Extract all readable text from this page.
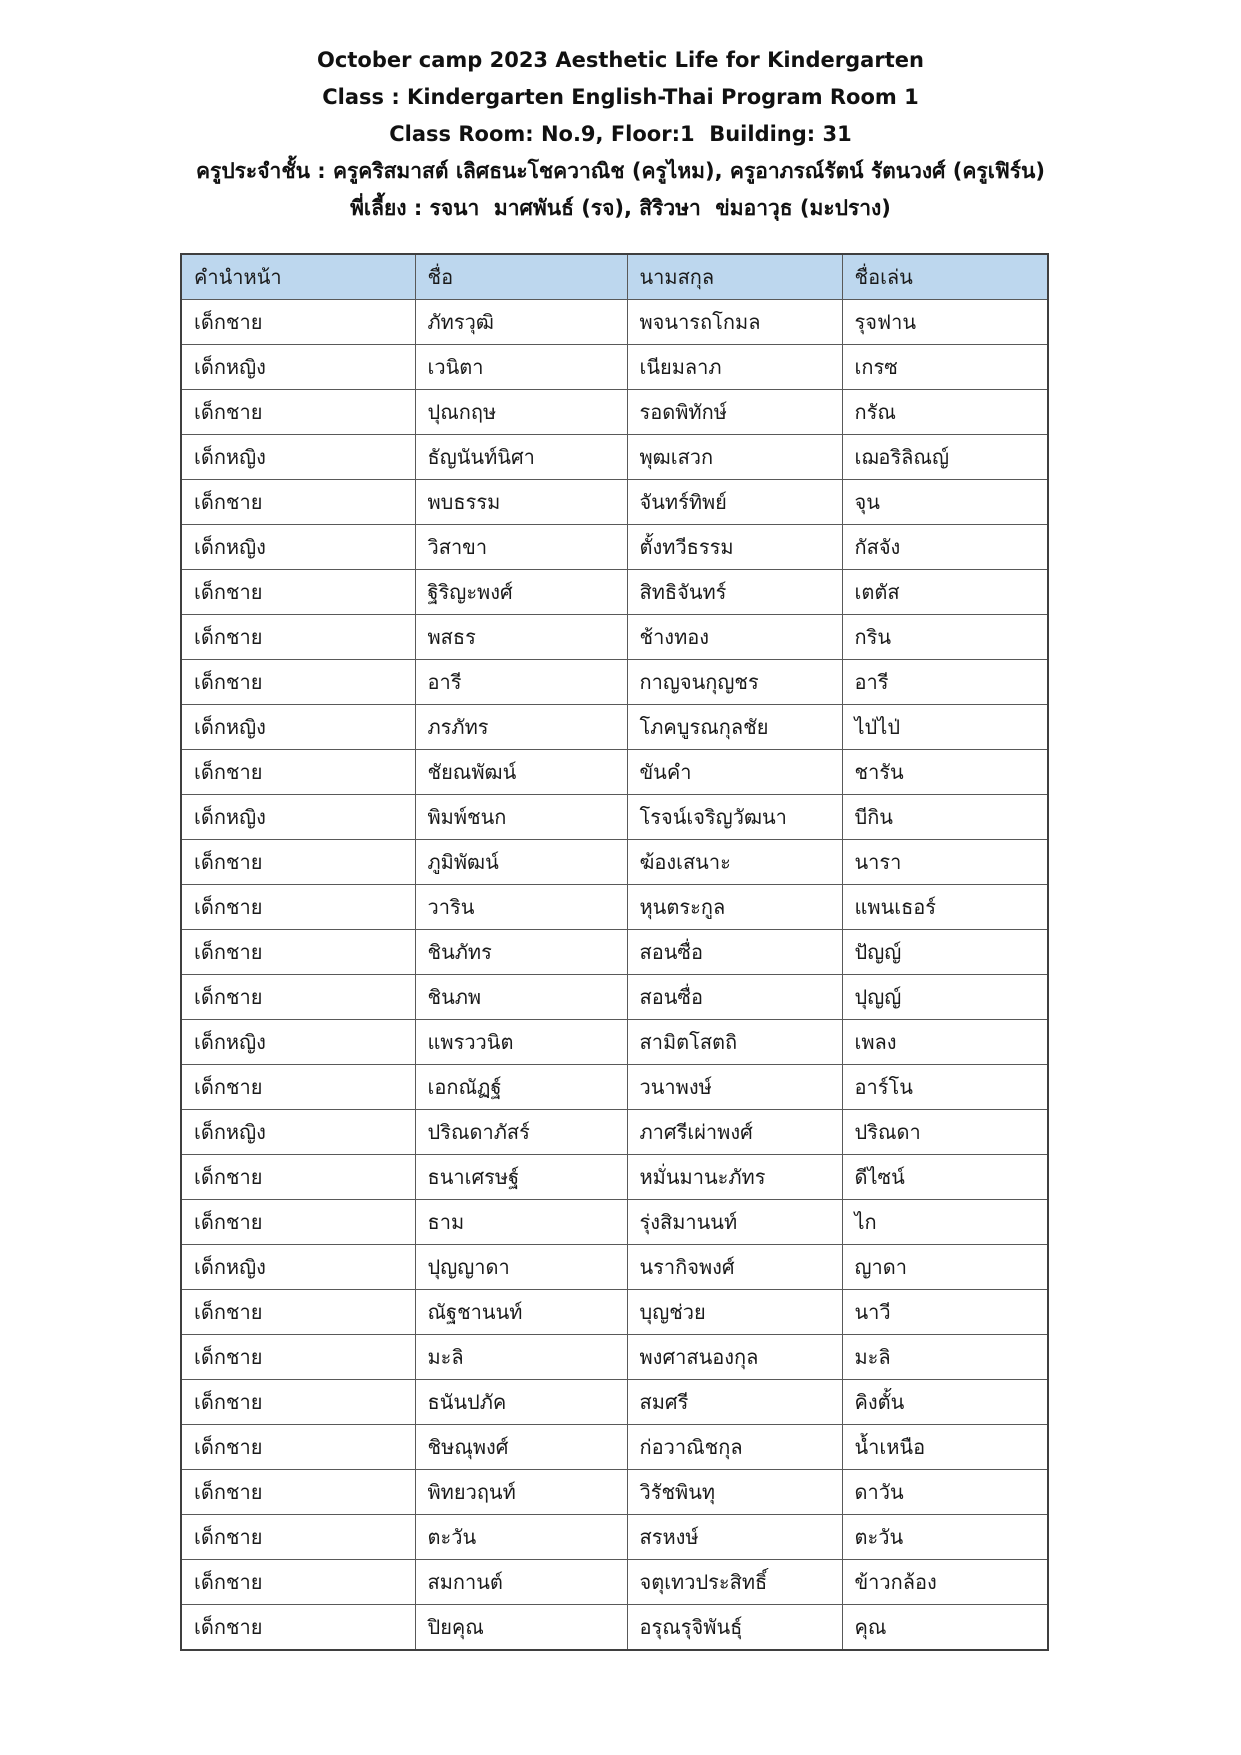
October camp 2023 Aesthetic Life for Kindergarten
Class : Kindergarten English-Thai Program Room 1
Class Room: No.9, Floor:1  Building: 31
ครูประจำชั้น : ครูคริสมาสต์ เลิศธนะโชควาณิช (ครูไหม), ครูอาภรณ์รัตน์ รัตนวงศ์ (ครูเฟิร์น)
พี่เลี้ยง : รจนา  มาศพันธ์ (รจ), สิริวษา  ข่มอาวุธ (มะปราง)
คำนำหน้า	ชื่อ	นามสกุล	ชื่อเล่น
เด็กชาย	ภัทรวุฒิ	พจนารถโกมล	รุจฟาน
เด็กหญิง	เวนิตา	เนียมลาภ	เกรซ
เด็กชาย	ปุณกฤษ	รอดพิทักษ์	กรัณ
เด็กหญิง	ธัญนันท์นิศา	พุฒเสวก	เฌอริลิณญ์
เด็กชาย	พบธรรม	จันทร์ทิพย์	จุน
เด็กหญิง	วิสาขา	ตั้งทวีธรรม	กัสจัง
เด็กชาย	ฐิริญะพงศ์	สิทธิจันทร์	เตตัส
เด็กชาย	พสธร	ช้างทอง	กริน
เด็กชาย	อารี	กาญจนกุญชร	อารี
เด็กหญิง	ภรภัทร	โภคบูรณกุลชัย	ไป่ไป่
เด็กชาย	ชัยณพัฒน์	ขันคำ	ชารัน
เด็กหญิง	พิมพ์ชนก	โรจน์เจริญวัฒนา	บีกิน
เด็กชาย	ภูมิพัฒน์	ฆ้องเสนาะ	นารา
เด็กชาย	วาริน	หุนตระกูล	แพนเธอร์
เด็กชาย	ชินภัทร	สอนซื่อ	ปัญญ์
เด็กชาย	ชินภพ	สอนซื่อ	ปุญญ์
เด็กหญิง	แพรววนิต	สามิตโสตถิ	เพลง
เด็กชาย	เอกณัฏฐ์	วนาพงษ์	อาร์โน
เด็กหญิง	ปริณดาภัสร์	ภาศรีเผ่าพงศ์	ปริณดา
เด็กชาย	ธนาเศรษฐ์	หมั่นมานะภัทร	ดีไซน์
เด็กชาย	ธาม	รุ่งสิมานนท์	ไก
เด็กหญิง	ปุญญาดา	นรากิจพงศ์	ญาดา
เด็กชาย	ณัฐชานนท์	บุญช่วย	นาวี
เด็กชาย	มะลิ	พงศาสนองกุล	มะลิ
เด็กชาย	ธนันปภัค	สมศรี	คิงตั้น
เด็กชาย	ชิษณุพงศ์	ก่อวาณิชกุล	น้ำเหนือ
เด็กชาย	พิทยวฤนท์	วิรัชพินทุ	ดาวัน
เด็กชาย	ตะวัน	สรหงษ์	ตะวัน
เด็กชาย	สมกานต์	จตุเทวประสิทธิ์	ข้าวกล้อง
เด็กชาย	ปิยคุณ	อรุณรุจิพันธุ์	คุณ
